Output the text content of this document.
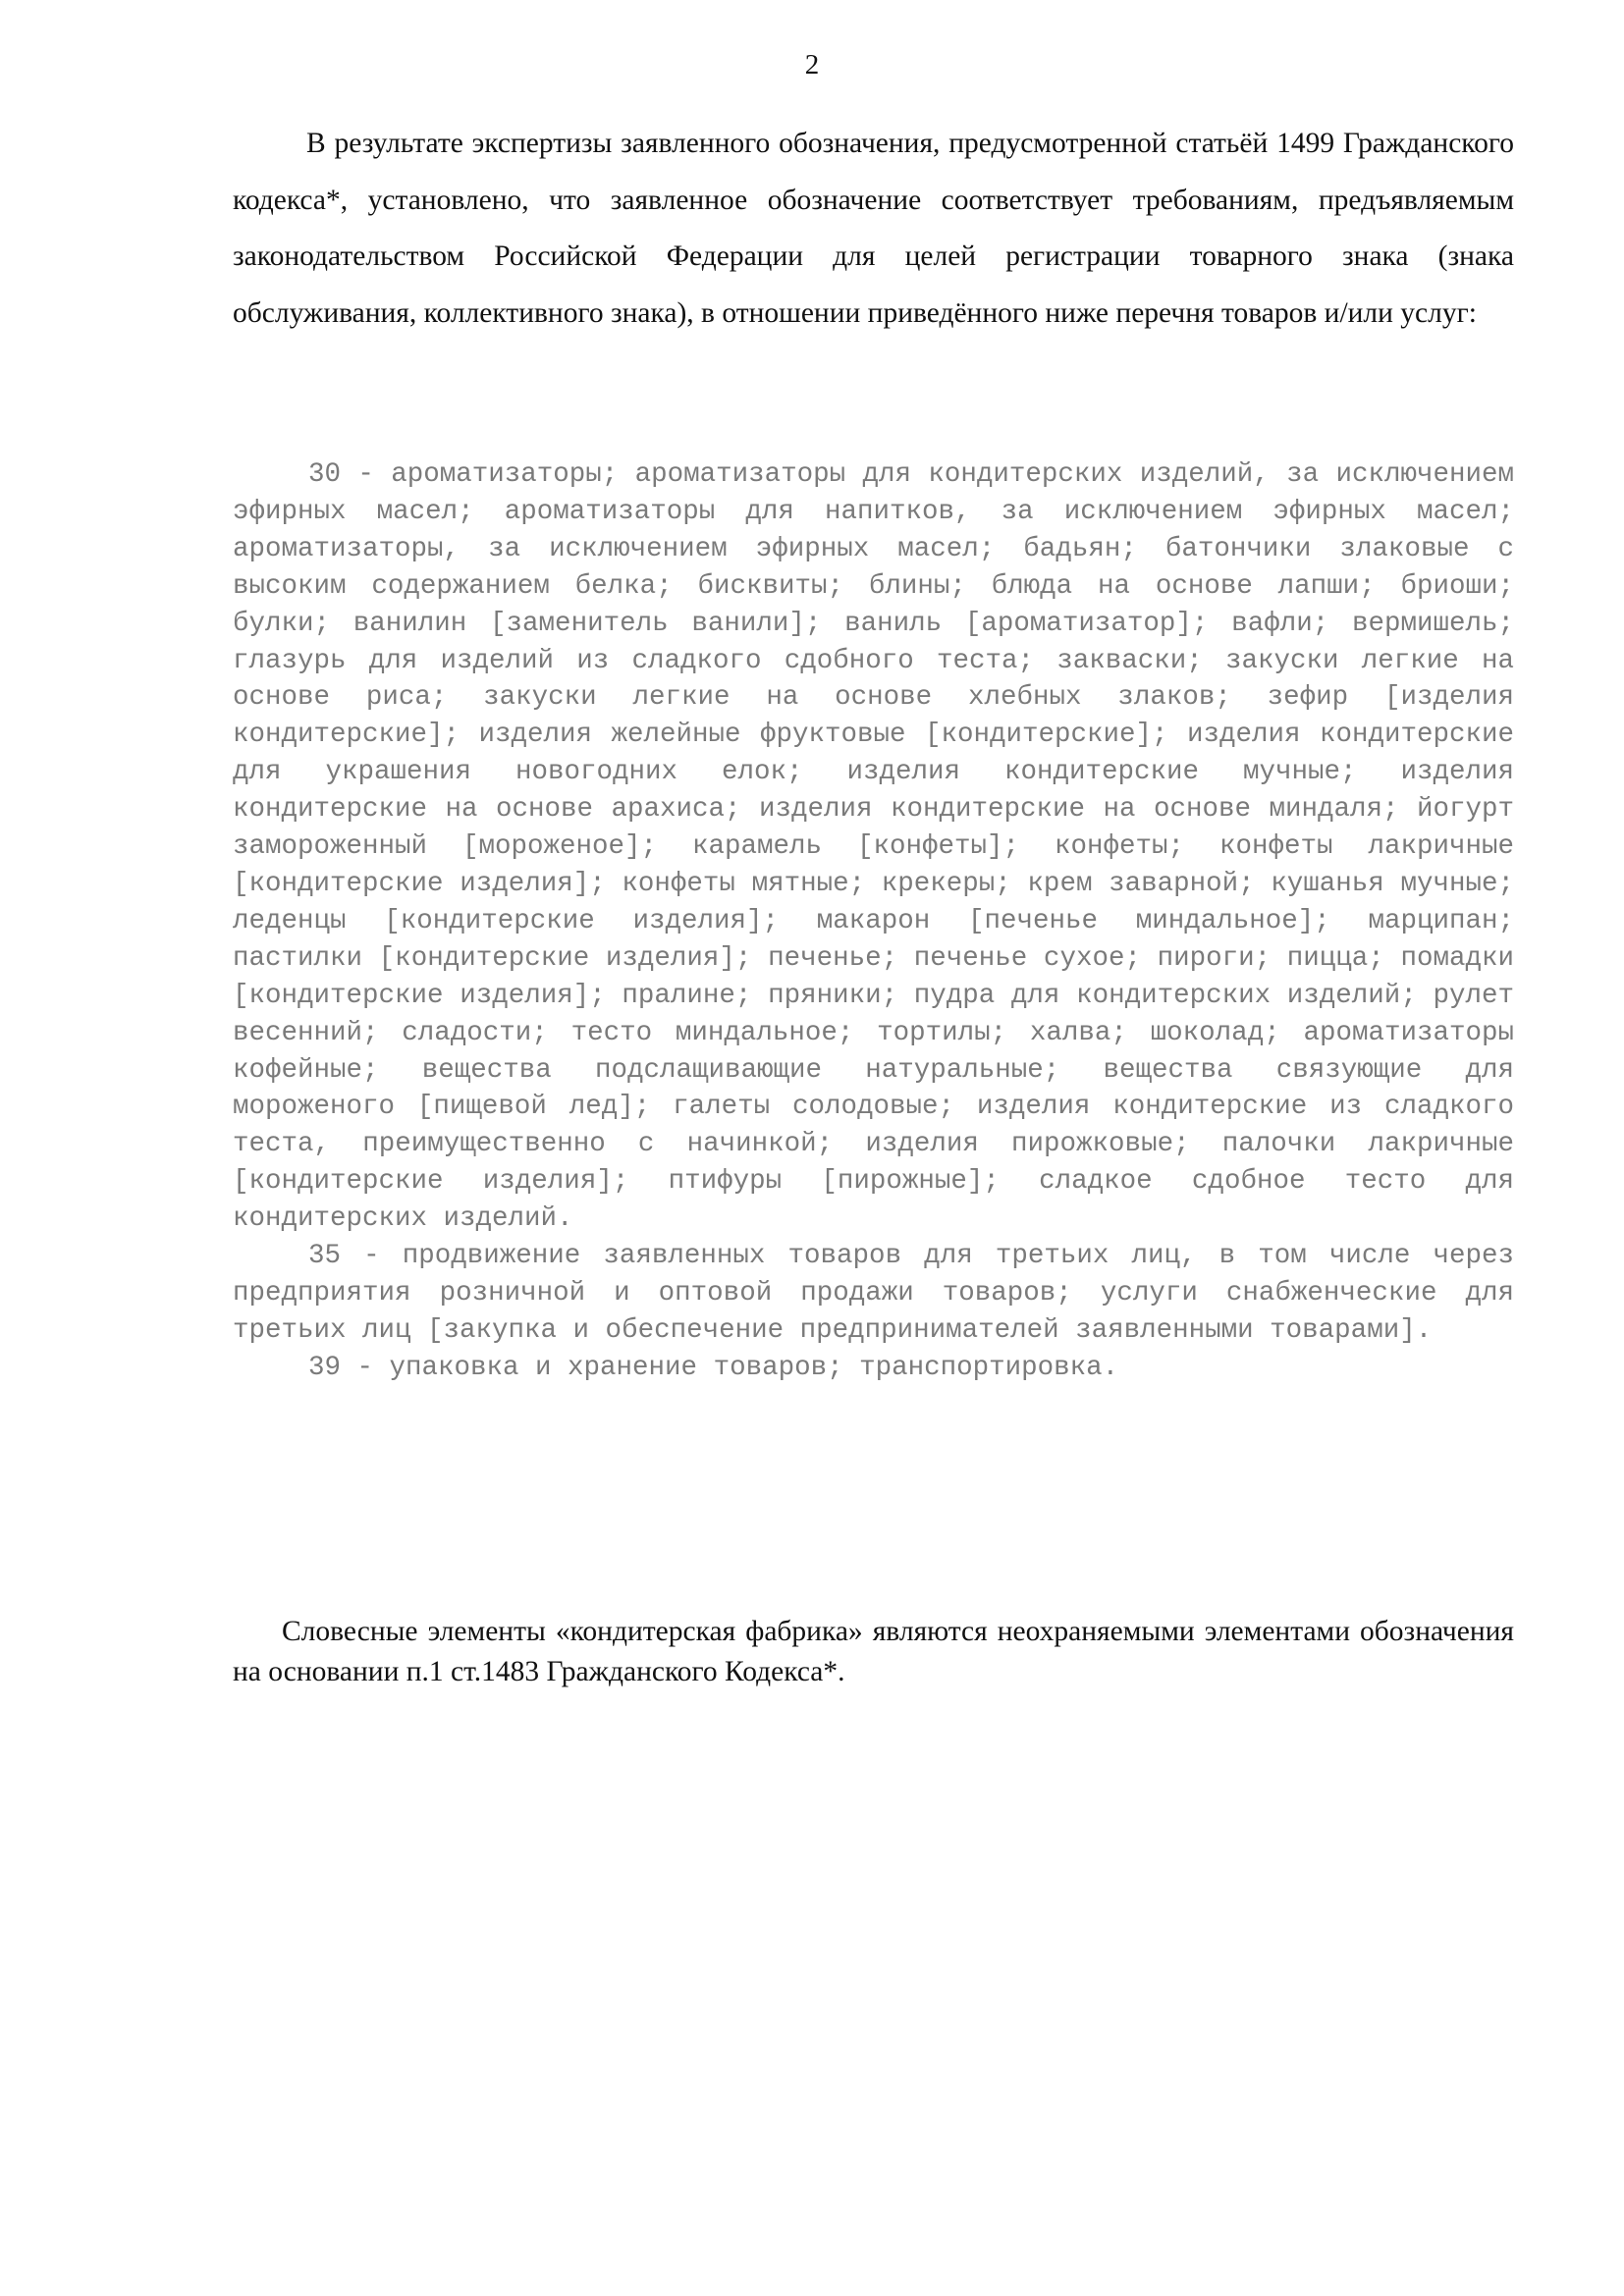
2

В результате экспертизы заявленного обозначения, предусмотренной статьёй 1499 Гражданского кодекса*, установлено, что заявленное обозначение соответствует требованиям, предъявляемым законодательством Российской Федерации для целей регистрации товарного знака (знака обслуживания, коллективного знака), в отношении приведённого ниже перечня товаров и/или услуг:

30 - ароматизаторы; ароматизаторы для кондитерских изделий, за исключением эфирных масел; ароматизаторы для напитков, за исключением эфирных масел; ароматизаторы, за исключением эфирных масел; бадьян; батончики злаковые с высоким содержанием белка; бисквиты; блины; блюда на основе лапши; бриоши; булки; ванилин [заменитель ванили]; ваниль [ароматизатор]; вафли; вермишель; глазурь для изделий из сладкого сдобного теста; закваски; закуски легкие на основе риса; закуски легкие на основе хлебных злаков; зефир [изделия кондитерские]; изделия желейные фруктовые [кондитерские]; изделия кондитерские для украшения новогодних елок; изделия кондитерские мучные; изделия кондитерские на основе арахиса; изделия кондитерские на основе миндаля; йогурт замороженный [мороженое]; карамель [конфеты]; конфеты; конфеты лакричные [кондитерские изделия]; конфеты мятные; крекеры; крем заварной; кушанья мучные; леденцы [кондитерские изделия]; макарон [печенье миндальное]; марципан; пастилки [кондитерские изделия]; печенье; печенье сухое; пироги; пицца; помадки [кондитерские изделия]; пралине; пряники; пудра для кондитерских изделий; рулет весенний; сладости; тесто миндальное; тортилы; халва; шоколад; ароматизаторы кофейные; вещества подслащивающие натуральные; вещества связующие для мороженого [пищевой лед]; галеты солодовые; изделия кондитерские из сладкого теста, преимущественно с начинкой; изделия пирожковые; палочки лакричные [кондитерские изделия]; птифуры [пирожные]; сладкое сдобное тесто для кондитерских изделий.

35 - продвижение заявленных товаров для третьих лиц, в том числе через предприятия розничной и оптовой продажи товаров; услуги снабженческие для третьих лиц [закупка и обеспечение предпринимателей заявленными товарами].

39 - упаковка и хранение товаров; транспортировка.

Словесные элементы «кондитерская фабрика» являются неохраняемыми элементами обозначения на основании п.1 ст.1483 Гражданского Кодекса*.
